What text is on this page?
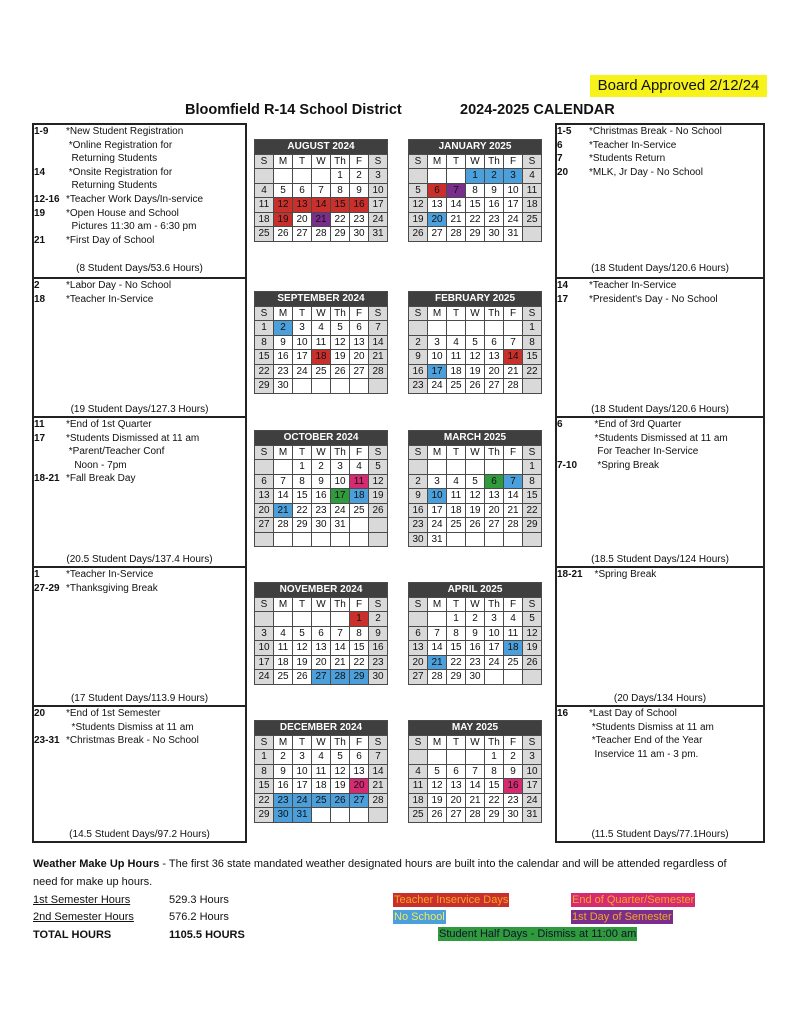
Board Approved 2/12/24
Bloomfield R-14 School District	2024-2025 CALENDAR
1-9	*New Student Registration
*Online Registration for
Returning Students
14	*Onsite Registration for
Returning Students
12-16 *Teacher Work Days/In-service
19	*Open House and School
Pictures 11:30 am - 6:30 pm
21	*First Day of School
(8 Student Days/53.6 Hours)
2	*Labor Day - No School
18	*Teacher In-Service
(19 Student Days/127.3 Hours)
11	*End of 1st Quarter
17	*Students Dismissed at 11 am
*Parent/Teacher Conf
Noon - 7pm
18-21 *Fall Break Day
(20.5 Student Days/137.4 Hours)
1	*Teacher In-Service
27-29 *Thanksgiving Break
(17 Student Days/113.9 Hours)
20	*End of 1st Semester
*Students Dismiss at 11 am
23-31 *Christmas Break - No School
(14.5 Student Days/97.2 Hours)
1-5	*Christmas Break - No School
6	*Teacher In-Service
7	*Students Return
20	*MLK, Jr Day - No School
(18 Student Days/120.6 Hours)
14	*Teacher In-Service
17	*President's Day - No School
(18 Student Days/120.6 Hours)
6	*End of 3rd Quarter
*Students Dismissed at 11 am
For Teacher In-Service
7-10	*Spring Break
(18.5 Student Days/124 Hours)
18-21 *Spring Break
(20 Days/134 Hours)
16	*Last Day of School
*Students Dismiss at 11 am
*Teacher End of the Year
Inservice 11 am - 3 pm.
(11.5 Student Days/77.1Hours)
AUGUST 2024						
S	M	T	W	Th	F	S
				1	2	3
4	5	6	7	8	9	10
11	12	13	14	15	16	17
18	19	20	21	22	23	24
25	26	27	28	29	30	31
JANUARY 2025						
S	M	T	W	Th	F	S
			1	2	3	4
5	6	7	8	9	10	11
12	13	14	15	16	17	18
19	20	21	22	23	24	25
26	27	28	29	30	31	
SEPTEMBER 2024						
S	M	T	W	Th	F	S
1	2	3	4	5	6	7
8	9	10	11	12	13	14
15	16	17	18	19	20	21
22	23	24	25	26	27	28
29	30					
FEBRUARY 2025						
S	M	T	W	Th	F	S
						1
2	3	4	5	6	7	8
9	10	11	12	13	14	15
16	17	18	19	20	21	22
23	24	25	26	27	28	
OCTOBER 2024						
S	M	T	W	Th	F	S
		1	2	3	4	5
6	7	8	9	10	11	12
13	14	15	16	17	18	19
20	21	22	23	24	25	26
27	28	29	30	31		

MARCH 2025						
S	M	T	W	Th	F	S
						1
2	3	4	5	6	7	8
9	10	11	12	13	14	15
16	17	18	19	20	21	22
23	24	25	26	27	28	29
30	31					
NOVEMBER 2024						
S	M	T	W	Th	F	S
					1	2
3	4	5	6	7	8	9
10	11	12	13	14	15	16
17	18	19	20	21	22	23
24	25	26	27	28	29	30
APRIL 2025						
S	M	T	W	Th	F	S
		1	2	3	4	5
6	7	8	9	10	11	12
13	14	15	16	17	18	19
20	21	22	23	24	25	26
27	28	29	30			
DECEMBER 2024						
S	M	T	W	Th	F	S
1	2	3	4	5	6	7
8	9	10	11	12	13	14
15	16	17	18	19	20	21
22	23	24	25	26	27	28
29	30	31				
MAY 2025						
S	M	T	W	Th	F	S
				1	2	3
4	5	6	7	8	9	10
11	12	13	14	15	16	17
18	19	20	21	22	23	24
25	26	27	28	29	30	31
Weather Make Up Hours - The first 36 state mandated weather designated hours are built into the calendar and will be attended regardless of
need for make up hours.
1st Semester Hours	529.3 Hours
2nd Semester Hours	576.2 Hours
TOTAL HOURS	1105.5 HOURS
Teacher Inservice Days
No School
End of Quarter/Semester
1st Day of Semester
Student Half Days - Dismiss at 11:00 am
